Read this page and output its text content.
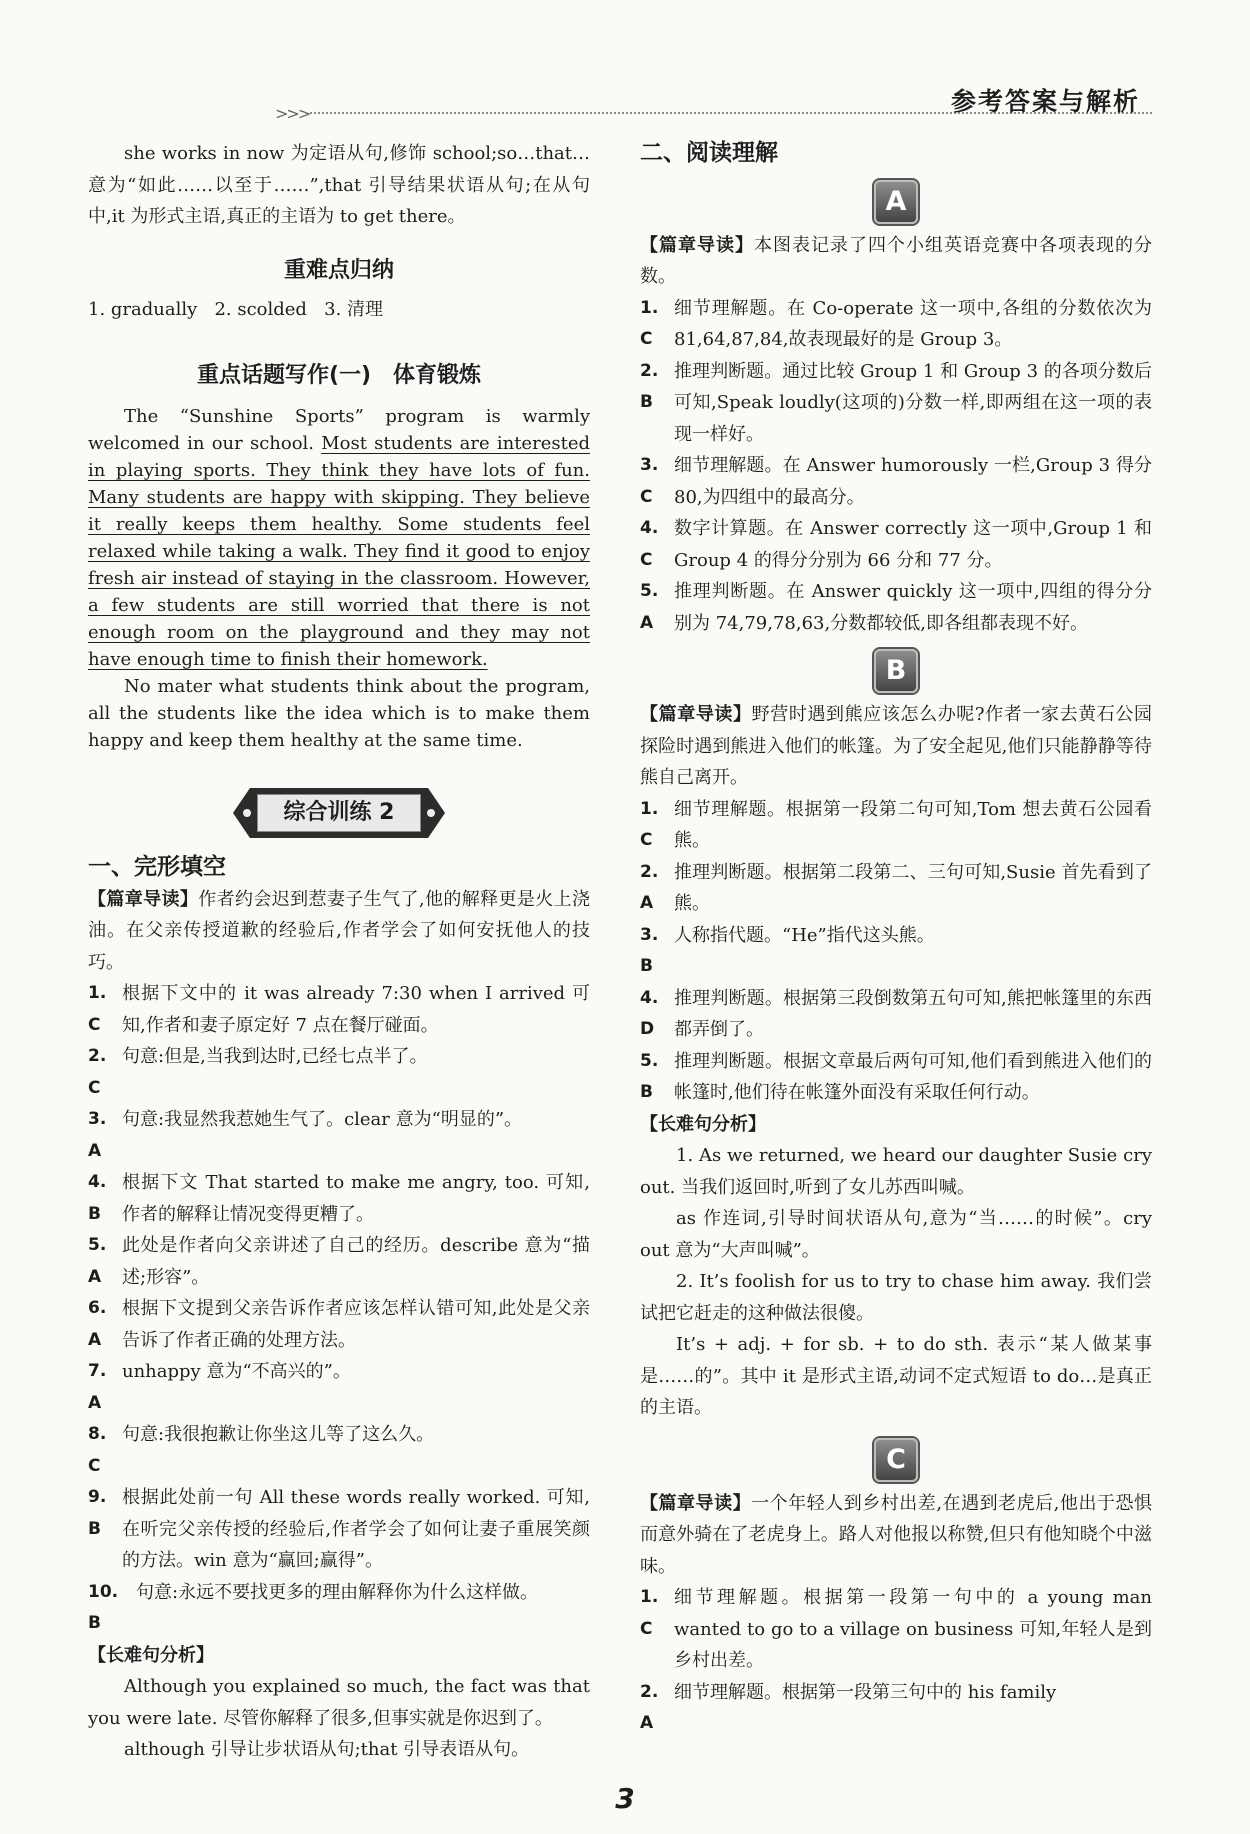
>>>	参考答案与解析

she works in now 为定语从句,修饰 school;so…that…意为“如此……以至于……”,that 引导结果状语从句;在从句中,it 为形式主语,真正的主语为 to get there。

重难点归纳

1. gradually   2. scolded   3. 清理

重点话题写作(一)　体育锻炼

The “Sunshine Sports” program is warmly welcomed in our school. Most students are interested in playing sports. They think they have lots of fun. Many students are happy with skipping. They believe it really keeps them healthy. Some students feel relaxed while taking a walk. They find it good to enjoy fresh air instead of staying in the classroom. However, a few students are still worried that there is not enough room on the playground and they may not have enough time to finish their homework.

No mater what students think about the program, all the students like the idea which is to make them happy and keep them healthy at the same time.

综合训练 2

一、完形填空

【篇章导读】作者约会迟到惹妻子生气了,他的解释更是火上浇油。在父亲传授道歉的经验后,作者学会了如何安抚他人的技巧。

1. C
根据下文中的 it was already 7:30 when I arrived 可知,作者和妻子原定好 7 点在餐厅碰面。
2. C
句意:但是,当我到达时,已经七点半了。
3. A
句意:我显然我惹她生气了。clear 意为“明显的”。
4. B
根据下文 That started to make me angry, too. 可知,作者的解释让情况变得更糟了。
5. A
此处是作者向父亲讲述了自己的经历。describe 意为“描述;形容”。
6. A
根据下文提到父亲告诉作者应该怎样认错可知,此处是父亲告诉了作者正确的处理方法。
7. A
unhappy 意为“不高兴的”。
8. C
句意:我很抱歉让你坐这儿等了这么久。
9. B
根据此处前一句 All these words really worked. 可知,在听完父亲传授的经验后,作者学会了如何让妻子重展笑颜的方法。win 意为“赢回;赢得”。
10. B
句意:永远不要找更多的理由解释你为什么这样做。

【长难句分析】

Although you explained so much, the fact was that you were late. 尽管你解释了很多,但事实就是你迟到了。

although 引导让步状语从句;that 引导表语从句。

二、阅读理解

A

【篇章导读】本图表记录了四个小组英语竞赛中各项表现的分数。

1. C
细节理解题。在 Co-operate 这一项中,各组的分数依次为 81,64,87,84,故表现最好的是 Group 3。
2. B
推理判断题。通过比较 Group 1 和 Group 3 的各项分数后可知,Speak loudly(这项的)分数一样,即两组在这一项的表现一样好。
3. C
细节理解题。在 Answer humorously 一栏,Group 3 得分 80,为四组中的最高分。
4. C
数字计算题。在 Answer correctly 这一项中,Group 1 和 Group 4 的得分分别为 66 分和 77 分。
5. A
推理判断题。在 Answer quickly 这一项中,四组的得分分别为 74,79,78,63,分数都较低,即各组都表现不好。
B

【篇章导读】野营时遇到熊应该怎么办呢?作者一家去黄石公园探险时遇到熊进入他们的帐篷。为了安全起见,他们只能静静等待熊自己离开。

1. C
细节理解题。根据第一段第二句可知,Tom 想去黄石公园看熊。
2. A
推理判断题。根据第二段第二、三句可知,Susie 首先看到了熊。
3. B
人称指代题。“He”指代这头熊。
4. D
推理判断题。根据第三段倒数第五句可知,熊把帐篷里的东西都弄倒了。
5. B
推理判断题。根据文章最后两句可知,他们看到熊进入他们的帐篷时,他们待在帐篷外面没有采取任何行动。

【长难句分析】

1. As we returned, we heard our daughter Susie cry out. 当我们返回时,听到了女儿苏西叫喊。

as 作连词,引导时间状语从句,意为“当……的时候”。cry out 意为“大声叫喊”。

2. It’s foolish for us to try to chase him away. 我们尝试把它赶走的这种做法很傻。

It’s + adj. + for sb. + to do sth. 表示“某人做某事是……的”。其中 it 是形式主语,动词不定式短语 to do…是真正的主语。

C

【篇章导读】一个年轻人到乡村出差,在遇到老虎后,他出于恐惧而意外骑在了老虎身上。路人对他报以称赞,但只有他知晓个中滋味。

1. C
细节理解题。根据第一段第一句中的 a young man wanted to go to a village on business 可知,年轻人是到乡村出差。
2. A
细节理解题。根据第一段第三句中的 his family
3
